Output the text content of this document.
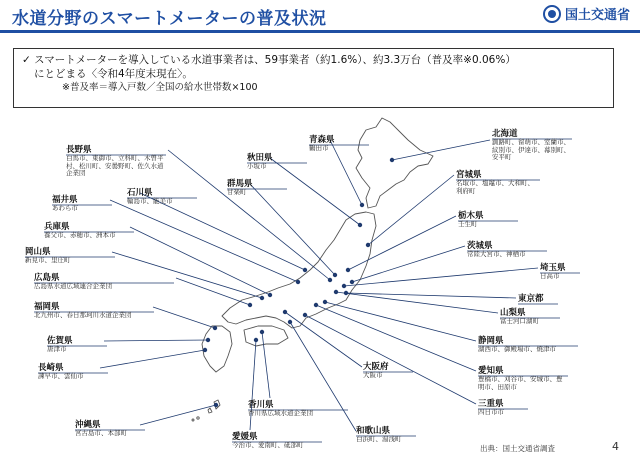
水道分野のスマートメーターの普及状況	国土交通省
✓ スマートメーターを導入している水道事業者は、59事業者（約1.6%）、約3.3万台（普及率※0.06%）
にとどまる〈令和4年度末現在〉。
※普及率＝導入戸数／全国の給水世帯数×100
北海道
釧路町、留萌市、室蘭市、紋別市、伊達市、幕別町、安平町
青森県
鶴田市
秋田県
小坂市
長野県
白馬市、東御市、立科町、木曽平村、松川町、安曇野町、佐久水道企業団
石川県
輪島市、能美市
群馬県
甘楽町
宮城県
名取市、塩竈市、大和町、利府町
栃木県
壬生町
福井県
あわら市
兵庫県
養父市、赤穂市、洲本市
茨城県
常陸大宮市、神栖市
岡山県
新見市、里庄町
埼玉県
日高市
広島県
広島県水道広域連合企業団
東京都
福岡県
北九州市、春日那珂川水道企業団	山梨県
富士河口湖町
佐賀県
唐津市
静岡県
湖西市、御殿場市、焼津市
長崎県
諫早市、雲仙市
大阪府
大阪市	愛知県
豊橋市、刈谷市、安城市、豊明市、田原市
三重県
四日市市
香川県
香川県広域水道企業団
和歌山県
白浜町、湯浅町
沖縄県
宮古島市、本部町	愛媛県
今治市、愛南町、砥部町	出典：国土交通省調査	4
